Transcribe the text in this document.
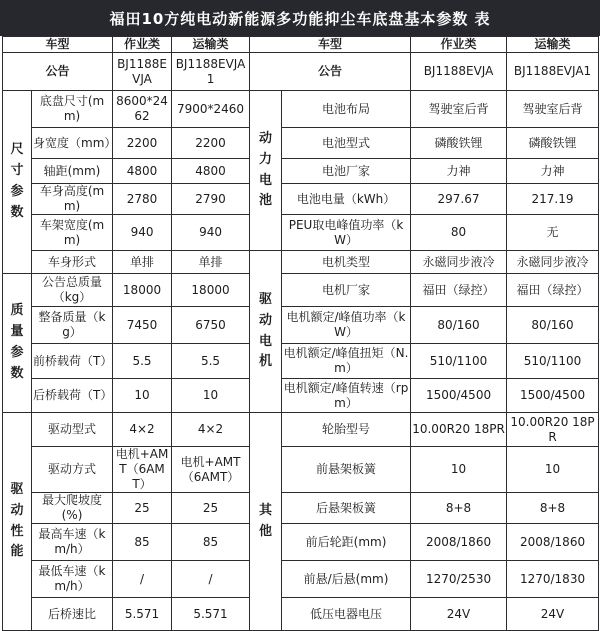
福田10方纯电动新能源多功能抑尘车底盘基本参数 表
车型		作业类	运输类	车型		作业类	运输类
公告		BJ1188EVJA	BJ1188EVJA1	公告		BJ1188EVJA	BJ1188EVJA1

尺寸参数	底盘尺寸(mm)	8600*2462	7900*2460	动力电池	电池布局	驾驶室后背	驾驶室后背
	身宽度（mm）	2200	2200		电池型式	磷酸铁锂	磷酸铁锂
	轴距(mm)	4800	4800		电池厂家	力神	力神
	车身高度(mm)	2780	2790		电池电量（kWh）	297.67	217.19
	车架宽度(mm)	940	940		PEU取电峰值功率（kW）	80	无
	车身形式	单排	单排	驱动电机	电机类型	永磁同步液冷	永磁同步液冷

质量参数	公告总质量（kg）	18000	18000		电机厂家	福田（绿控）	福田（绿控）
	整备质量（kg）	7450	6750		电机额定/峰值功率（kW）	80/160	80/160
	前桥载荷（T）	5.5	5.5		电机额定/峰值扭矩（N.m）	510/1100	510/1100
	后桥载荷（T）	10	10		电机额定/峰值转速（rpm）	1500/4500	1500/4500

驱动性能	驱动型式	4×2	4×2	其他	轮胎型号	10.00R20 18PR	10.00R20 18PR
	驱动方式	电机+AMT（6AMT）	电机+AMT（6AMT）		前悬架板簧	10	10
	最大爬坡度(%)	25	25		后悬架板簧	8+8	8+8
	最高车速（km/h）	85	85		前后轮距(mm)	2008/1860	2008/1860
	最低车速（km/h）	/	/		前悬/后悬(mm)	1270/2530	1270/1830
	后桥速比	5.571	5.571		低压电器电压	24V	24V
